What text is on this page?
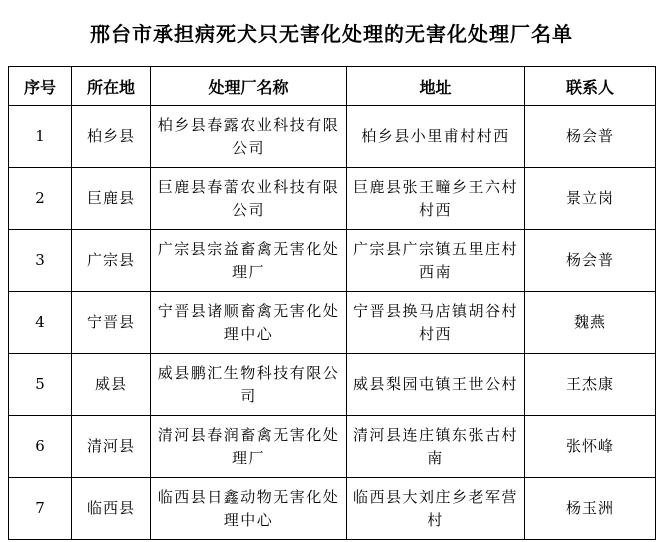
邢台市承担病死犬只无害化处理的无害化处理厂名单
序号	所在地	处理厂名称	地址	联系人
1	柏乡县	柏乡县春露农业科技有限公司	柏乡县小里甫村村西	杨会普
2	巨鹿县	巨鹿县春蕾农业科技有限公司	巨鹿县张王疃乡王六村村西	景立岗
3	广宗县	广宗县宗益畜禽无害化处理厂	广宗县广宗镇五里庄村西南	杨会普
4	宁晋县	宁晋县诸顺畜禽无害化处理中心	宁晋县换马店镇胡谷村村西	魏燕
5	威县	威县鹏汇生物科技有限公司	威县梨园屯镇王世公村	王杰康
6	清河县	清河县春润畜禽无害化处理厂	清河县连庄镇东张古村南	张怀峰
7	临西县	临西县日鑫动物无害化处理中心	临西县大刘庄乡老军营村	杨玉洲
